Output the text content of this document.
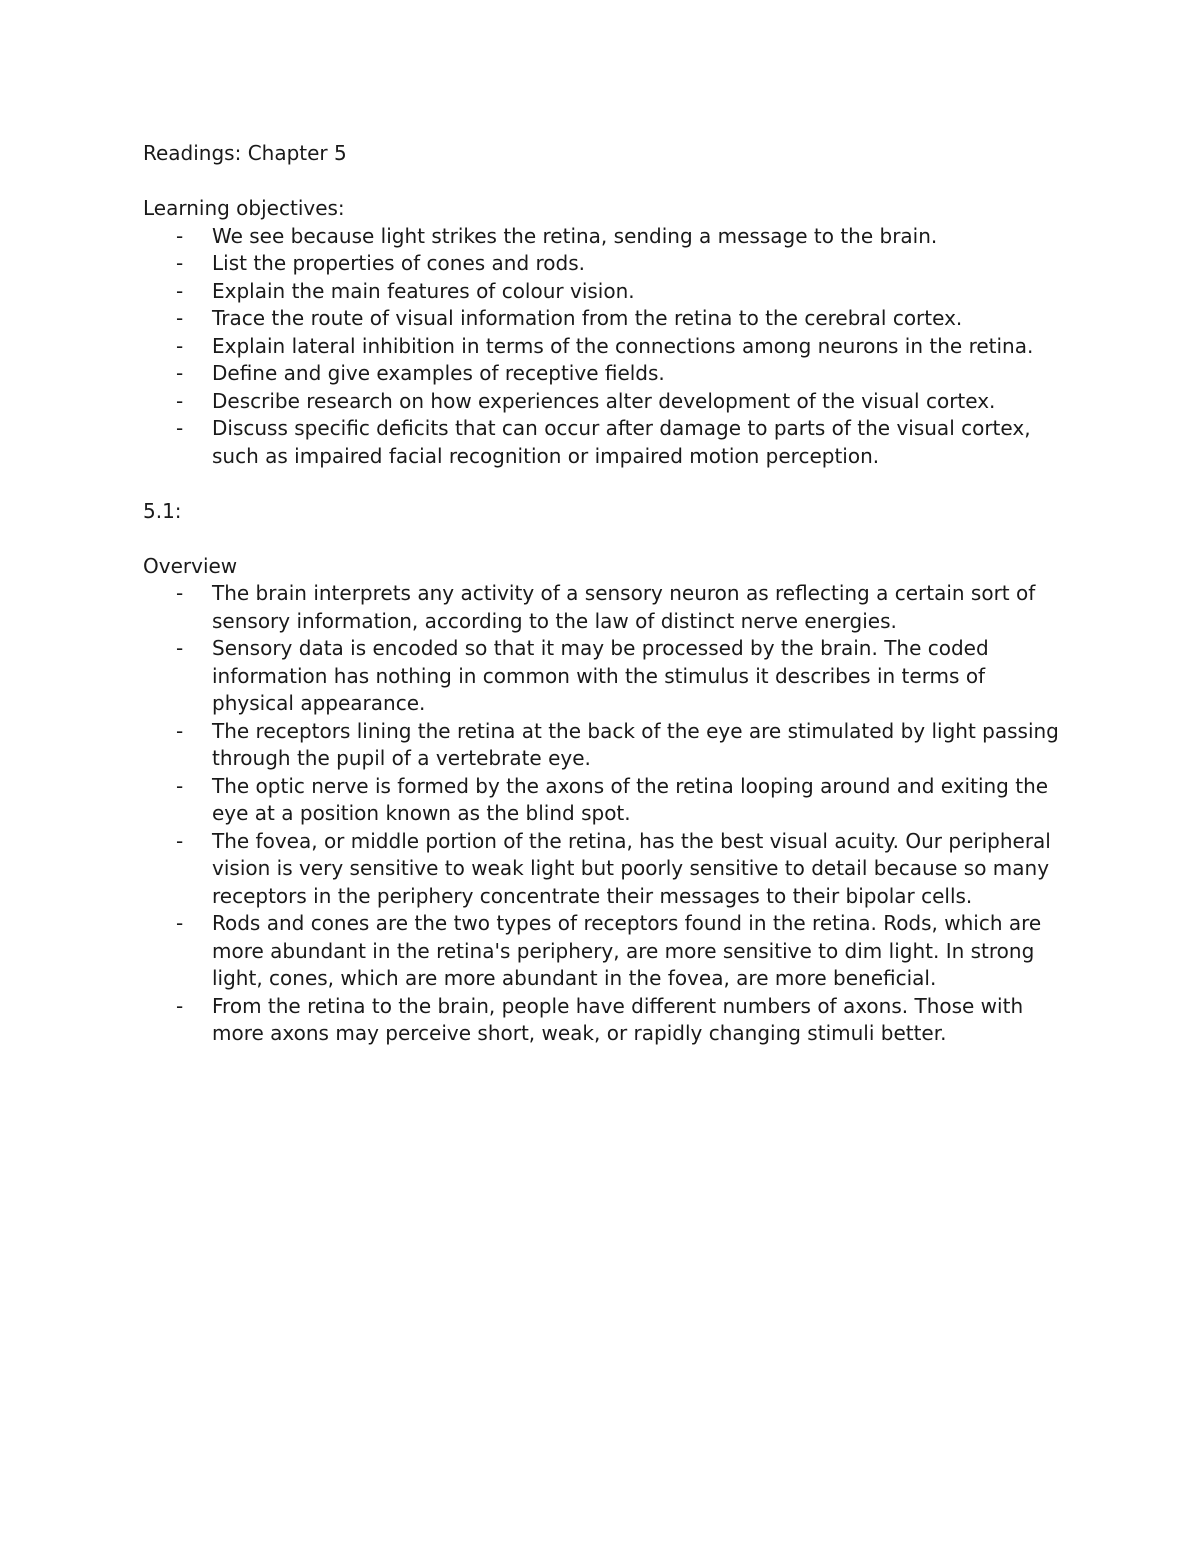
Readings: Chapter 5

Learning objectives:

- We see because light strikes the retina, sending a message to the brain.
- List the properties of cones and rods.
- Explain the main features of colour vision.
- Trace the route of visual information from the retina to the cerebral cortex.
- Explain lateral inhibition in terms of the connections among neurons in the retina.
- Define and give examples of receptive fields.
- Describe research on how experiences alter development of the visual cortex.
- Discuss specific deficits that can occur after damage to parts of the visual cortex, such as impaired facial recognition or impaired motion perception.

5.1:

Overview

- The brain interprets any activity of a sensory neuron as reflecting a certain sort of sensory information, according to the law of distinct nerve energies.
- Sensory data is encoded so that it may be processed by the brain. The coded information has nothing in common with the stimulus it describes in terms of physical appearance.
- The receptors lining the retina at the back of the eye are stimulated by light passing through the pupil of a vertebrate eye.
- The optic nerve is formed by the axons of the retina looping around and exiting the eye at a position known as the blind spot.
- The fovea, or middle portion of the retina, has the best visual acuity. Our peripheral vision is very sensitive to weak light but poorly sensitive to detail because so many receptors in the periphery concentrate their messages to their bipolar cells.
- Rods and cones are the two types of receptors found in the retina. Rods, which are more abundant in the retina's periphery, are more sensitive to dim light. In strong light, cones, which are more abundant in the fovea, are more beneficial.
- From the retina to the brain, people have different numbers of axons. Those with more axons may perceive short, weak, or rapidly changing stimuli better.
